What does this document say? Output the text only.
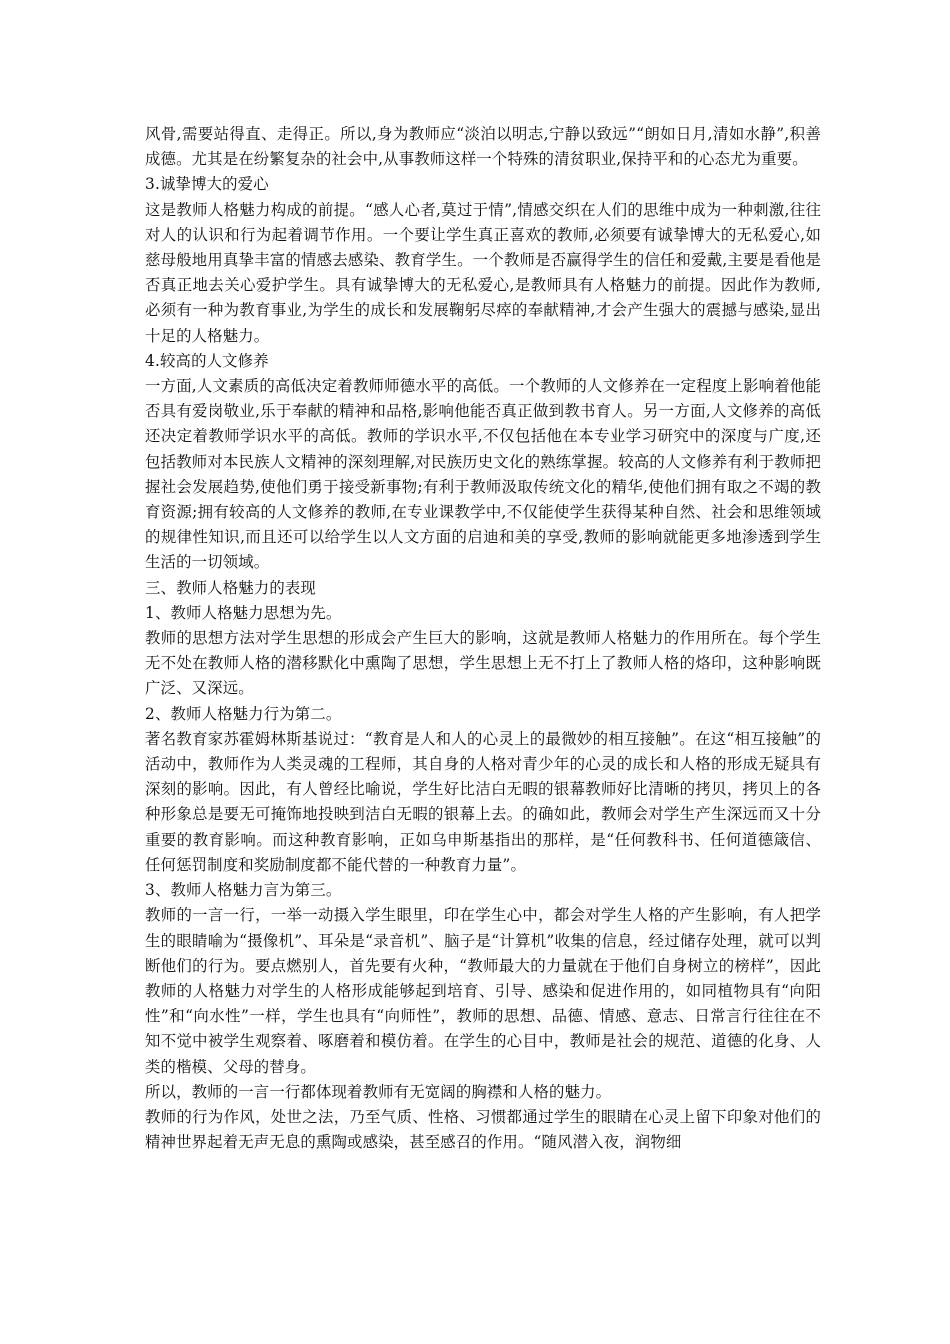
风骨,需要站得直、走得正。所以,身为教师应“淡泊以明志,宁静以致远”“朗如日月,清如水静”,积善成德。尤其是在纷繁复杂的社会中,从事教师这样一个特殊的清贫职业,保持平和的心态尤为重要。

3.诚挚博大的爱心

这是教师人格魅力构成的前提。“感人心者,莫过于情”,情感交织在人们的思维中成为一种刺激,往往对人的认识和行为起着调节作用。一个要让学生真正喜欢的教师,必须要有诚挚博大的无私爱心,如慈母般地用真挚丰富的情感去感染、教育学生。一个教师是否赢得学生的信任和爱戴,主要是看他是否真正地去关心爱护学生。具有诚挚博大的无私爱心,是教师具有人格魅力的前提。因此作为教师,必须有一种为教育事业,为学生的成长和发展鞠躬尽瘁的奉献精神,才会产生强大的震撼与感染,显出十足的人格魅力。

4.较高的人文修养

一方面,人文素质的高低决定着教师师德水平的高低。一个教师的人文修养在一定程度上影响着他能否具有爱岗敬业,乐于奉献的精神和品格,影响他能否真正做到教书育人。另一方面,人文修养的高低还决定着教师学识水平的高低。教师的学识水平,不仅包括他在本专业学习研究中的深度与广度,还包括教师对本民族人文精神的深刻理解,对民族历史文化的熟练掌握。较高的人文修养有利于教师把握社会发展趋势,使他们勇于接受新事物;有利于教师汲取传统文化的精华,使他们拥有取之不竭的教育资源;拥有较高的人文修养的教师,在专业课教学中,不仅能使学生获得某种自然、社会和思维领域的规律性知识,而且还可以给学生以人文方面的启迪和美的享受,教师的影响就能更多地渗透到学生生活的一切领域。

三、教师人格魅力的表现

1、教师人格魅力思想为先。

教师的思想方法对学生思想的形成会产生巨大的影响，这就是教师人格魅力的作用所在。每个学生无不处在教师人格的潜移默化中熏陶了思想，学生思想上无不打上了教师人格的烙印，这种影响既广泛、又深远。

2、教师人格魅力行为第二。

著名教育家苏霍姆林斯基说过：“教育是人和人的心灵上的最微妙的相互接触”。在这“相互接触”的活动中，教师作为人类灵魂的工程师，其自身的人格对青少年的心灵的成长和人格的形成无疑具有深刻的影响。因此，有人曾经比喻说，学生好比洁白无暇的银幕教师好比清晰的拷贝，拷贝上的各种形象总是要无可掩饰地投映到洁白无暇的银幕上去。的确如此，教师会对学生产生深远而又十分重要的教育影响。而这种教育影响，正如乌申斯基指出的那样，是“任何教科书、任何道德箴信、任何惩罚制度和奖励制度都不能代替的一种教育力量”。

3、教师人格魅力言为第三。

教师的一言一行，一举一动摄入学生眼里，印在学生心中，都会对学生人格的产生影响，有人把学生的眼睛喻为“摄像机”、耳朵是“录音机”、脑子是“计算机”收集的信息，经过储存处理，就可以判断他们的行为。要点燃别人，首先要有火种，“教师最大的力量就在于他们自身树立的榜样”，因此教师的人格魅力对学生的人格形成能够起到培育、引导、感染和促进作用的，如同植物具有“向阳性”和“向水性”一样，学生也具有“向师性”，教师的思想、品德、情感、意志、日常言行往往在不知不觉中被学生观察着、啄磨着和模仿着。在学生的心目中，教师是社会的规范、道德的化身、人类的楷模、父母的替身。

所以，教师的一言一行都体现着教师有无宽阔的胸襟和人格的魅力。

教师的行为作风，处世之法，乃至气质、性格、习惯都通过学生的眼睛在心灵上留下印象对他们的精神世界起着无声无息的熏陶或感染，甚至感召的作用。“随风潜入夜，润物细
